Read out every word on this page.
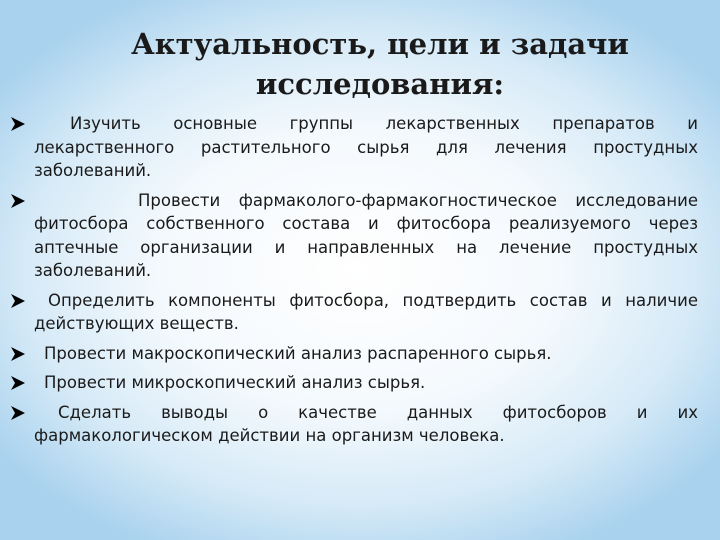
Актуальность, цели и задачи
исследования:
Изучить основные группы лекарственных препаратов и лекарственного растительного сырья для лечения простудных заболеваний.
Провести фармаколого-фармакогностическое исследование фитосбора собственного состава и фитосбора реализуемого через аптечные организации и направленных на лечение простудных заболеваний.
Определить компоненты фитосбора, подтвердить состав и наличие действующих веществ.
Провести макроскопический анализ распаренного сырья.
Провести микроскопический анализ сырья.
Сделать выводы о качестве данных фитосборов и их фармакологическом действии на организм человека.
